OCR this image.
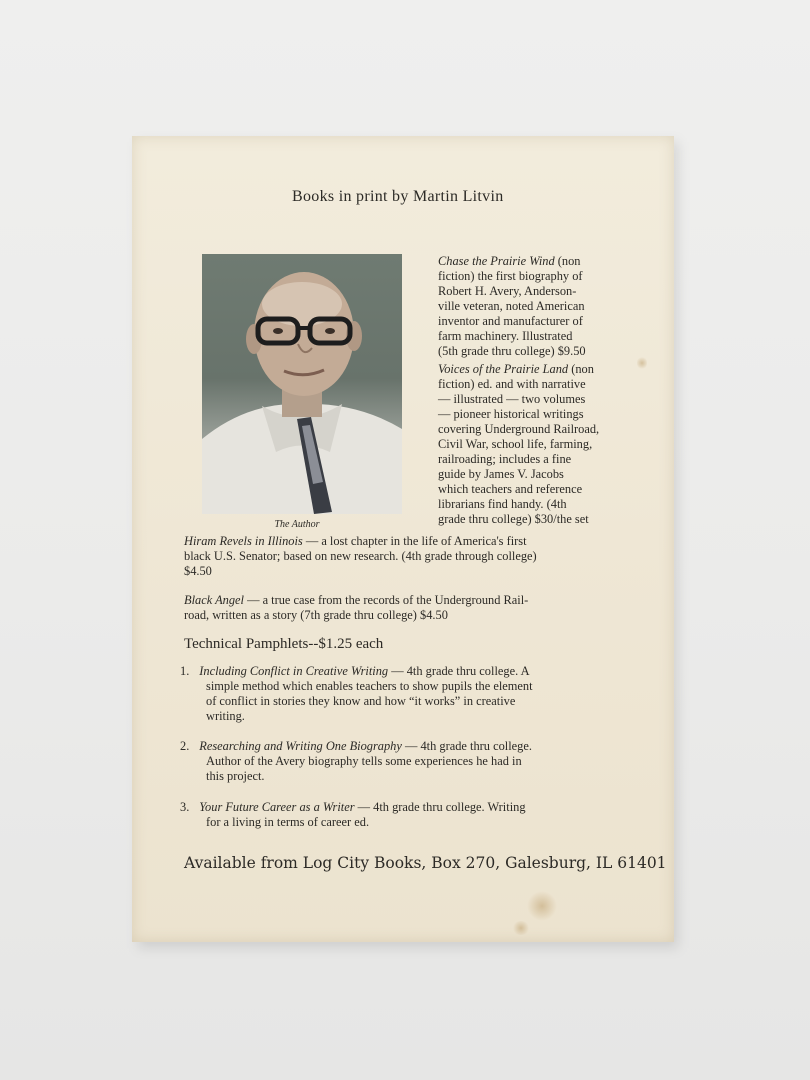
Books in print by Martin Litvin
The Author
Chase the Prairie Wind (non
fiction) the first biography of
Robert H. Avery, Anderson-
ville veteran, noted American
inventor and manufacturer of
farm machinery. Illustrated
(5th grade thru college) $9.50
Voices of the Prairie Land (non
fiction) ed. and with narrative
— illustrated — two volumes
— pioneer historical writings
covering Underground Railroad,
Civil War, school life, farming,
railroading; includes a fine
guide by James V. Jacobs
which teachers and reference
librarians find handy. (4th
grade thru college) $30/the set
Hiram Revels in Illinois — a lost chapter in the life of America's first
black U.S. Senator; based on new research. (4th grade through college)
$4.50
Black Angel — a true case from the records of the Underground Rail-
road, written as a story (7th grade thru college) $4.50
Technical Pamphlets--$1.25 each
1. Including Conflict in Creative Writing — 4th grade thru college. A
simple method which enables teachers to show pupils the element
of conflict in stories they know and how “it works” in creative
writing.
2. Researching and Writing One Biography — 4th grade thru college.
Author of the Avery biography tells some experiences he had in
this project.
3. Your Future Career as a Writer — 4th grade thru college. Writing
for a living in terms of career ed.
Available from Log City Books, Box 270, Galesburg, IL 61401
